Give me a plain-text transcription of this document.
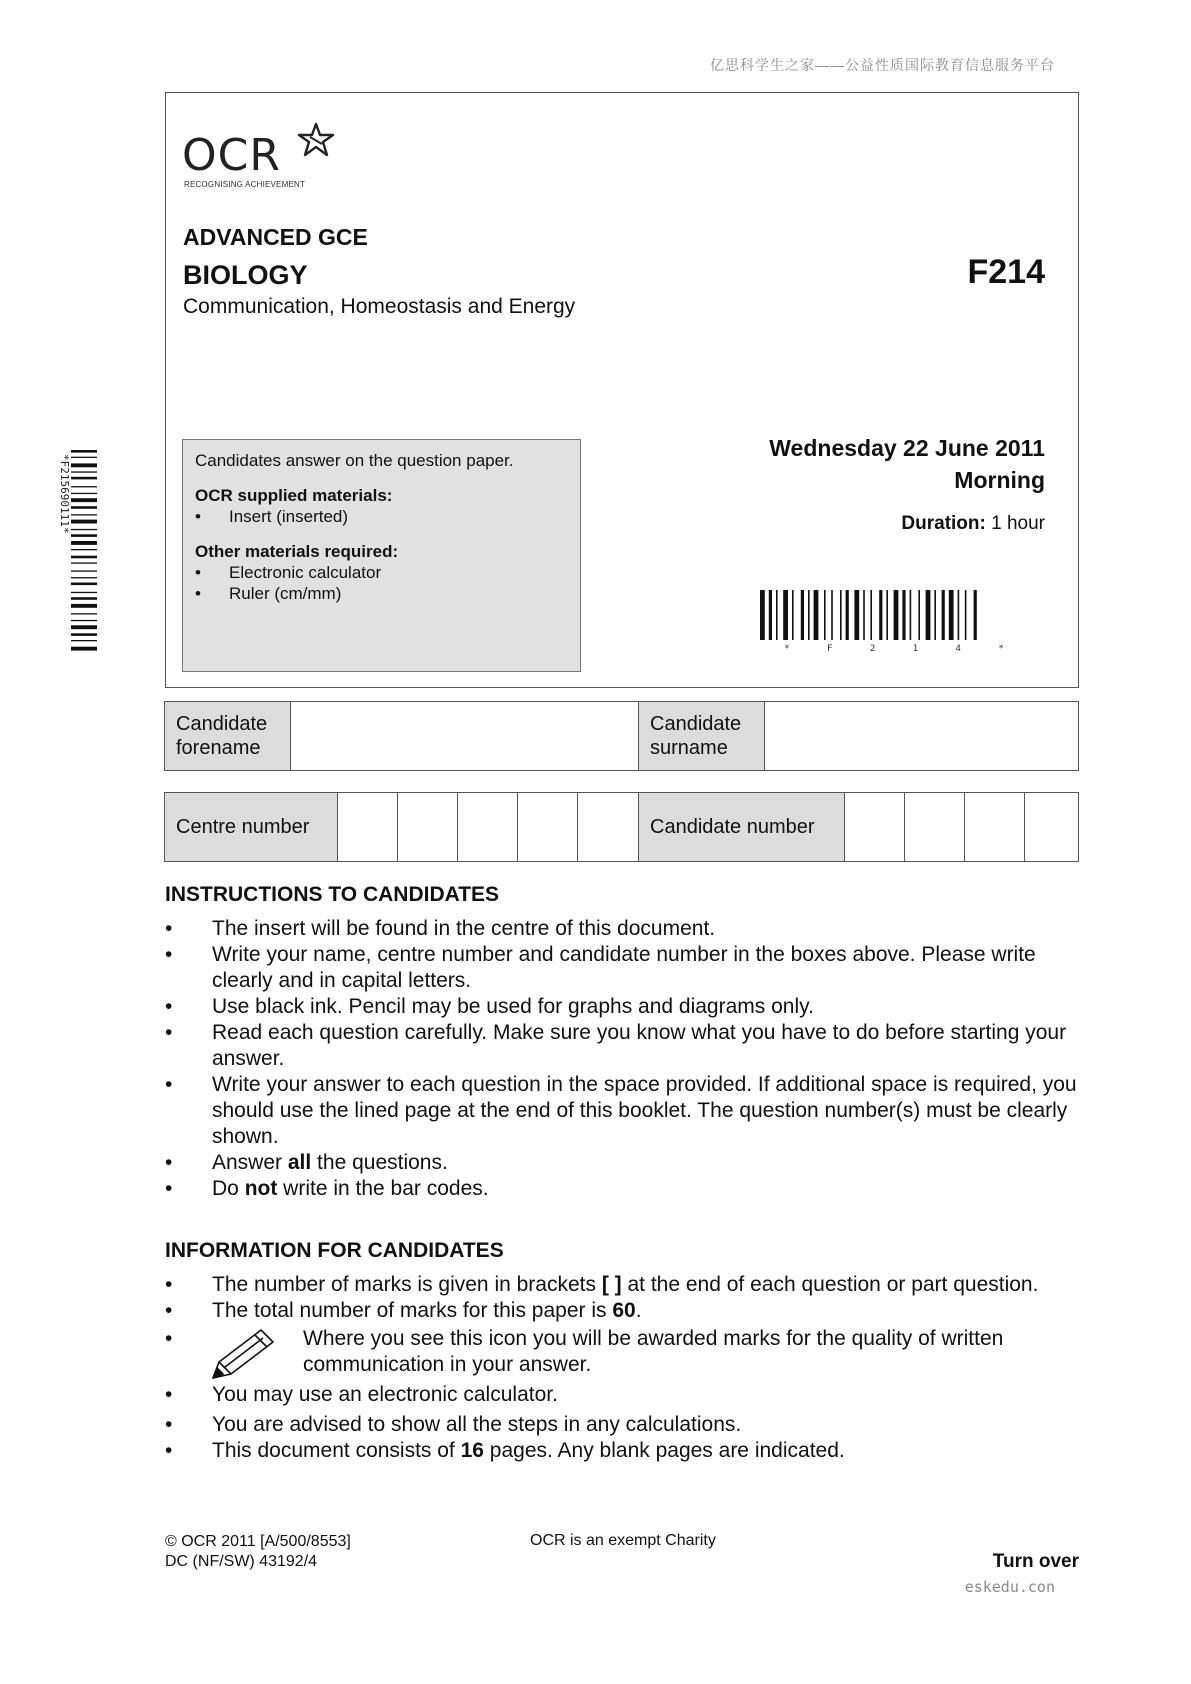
亿思科学生之家——公益性质国际教育信息服务平台
*F215690111*
OCR
RECOGNISING ACHIEVEMENT
ADVANCED GCE
BIOLOGY
Communication, Homeostasis and Energy
F214
Wednesday 22 June 2011
Morning
Duration: 1 hour
Candidates answer on the question paper.
OCR supplied materials:
• Insert (inserted)
Other materials required:
• Electronic calculator
• Ruler (cm/mm)
* F 2 1 4 *
Candidate forename
Candidate surname
Centre number	Candidate number
INSTRUCTIONS TO CANDIDATES
• The insert will be found in the centre of this document.
• Write your name, centre number and candidate number in the boxes above. Please write clearly and in capital letters.
• Use black ink. Pencil may be used for graphs and diagrams only.
• Read each question carefully. Make sure you know what you have to do before starting your answer.
• Write your answer to each question in the space provided. If additional space is required, you should use the lined page at the end of this booklet. The question number(s) must be clearly shown.
• Answer all the questions.
• Do not write in the bar codes.
INFORMATION FOR CANDIDATES
• The number of marks is given in brackets [ ] at the end of each question or part question.
• The total number of marks for this paper is 60.
•	Where you see this icon you will be awarded marks for the quality of written communication in your answer.
• You may use an electronic calculator.
• You are advised to show all the steps in any calculations.
• This document consists of 16 pages. Any blank pages are indicated.
© OCR 2011 [A/500/8553]
DC (NF/SW) 43192/4
OCR is an exempt Charity
Turn over
eskedu.con
